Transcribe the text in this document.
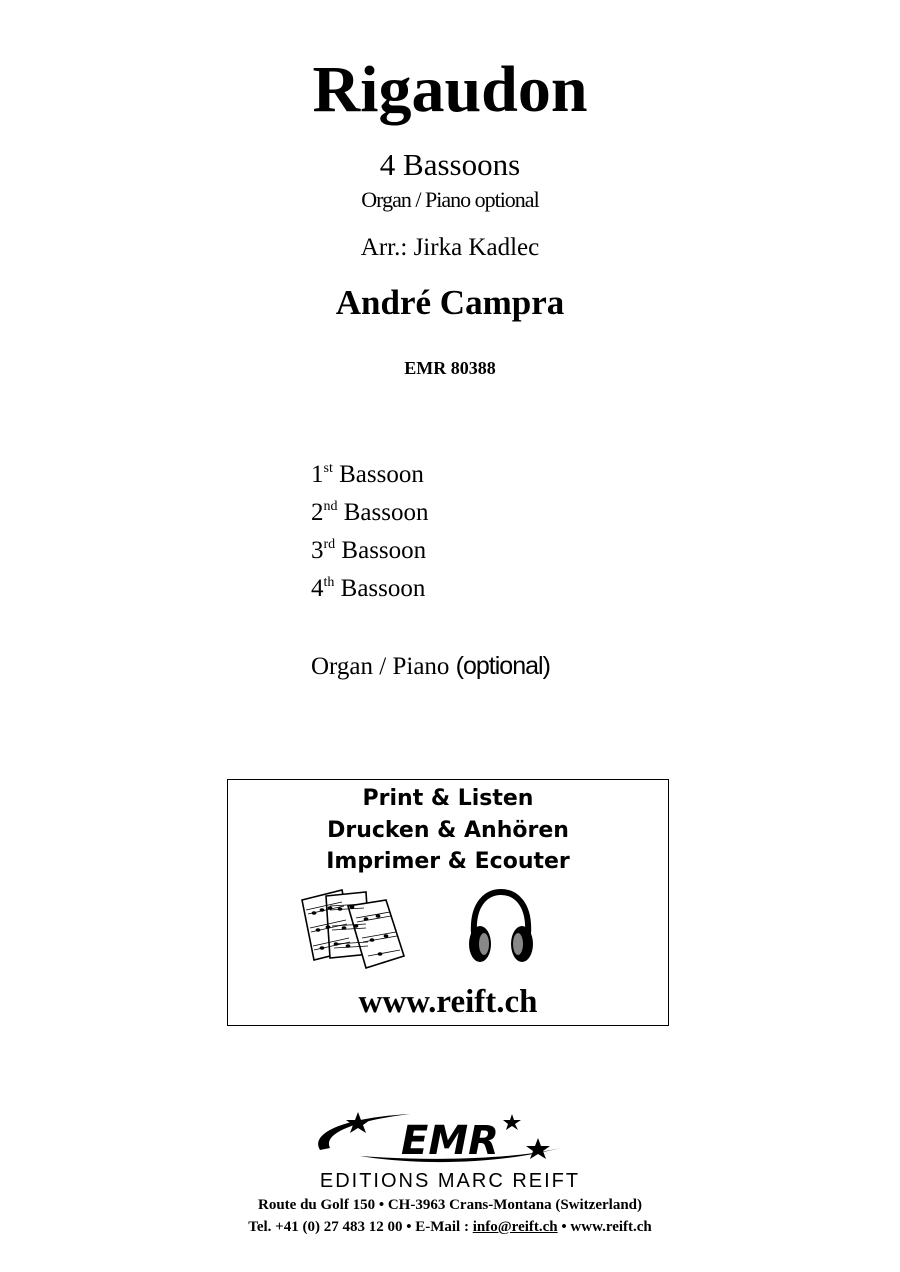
Rigaudon
4 Bassoons
Organ / Piano optional
Arr.: Jirka Kadlec
André Campra
EMR 80388
1st Bassoon
2nd Bassoon
3rd Bassoon
4th Bassoon
Organ / Piano (optional)
Print & Listen
Drucken & Anhören
Imprimer & Ecouter
www.reift.ch
EMR
EDITIONS MARC REIFT
Route du Golf 150 • CH-3963 Crans-Montana (Switzerland)
Tel. +41 (0) 27 483 12 00 • E-Mail : info@reift.ch • www.reift.ch
